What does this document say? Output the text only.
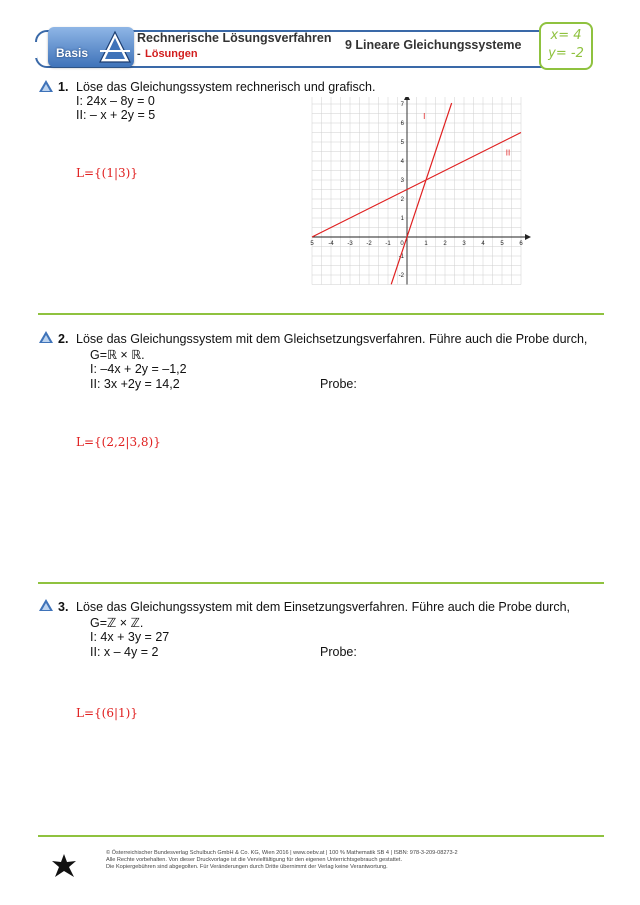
Basis
Rechnerische Lösungsverfahren
- Lösungen
9 Lineare Gleichungssysteme
x= 4
y= -2
1. Löse das Gleichungssystem rechnerisch und grafisch.
I: 24x – 8y = 0
II: – x + 2y = 5
L={(1|3)}
5 -4 -3 -2 -1 0	1	2	3	4	5	6
7
6
5
4
3
2
1
-1
-2
I
II
2. Löse das Gleichungssystem mit dem Gleichsetzungsverfahren. Führe auch die Probe durch,
G=ℝ × ℝ.
I: –4x + 2y = –1,2
II: 3x +2y = 14,2	Probe:
L={(2,2|3,8)}
3. Löse das Gleichungssystem mit dem Einsetzungsverfahren. Führe auch die Probe durch,
G=ℤ × ℤ.
I: 4x + 3y = 27
II: x – 4y = 2	Probe:
L={(6|1)}
© Österreichischer Bundesverlag Schulbuch GmbH & Co. KG, Wien 2016 | www.oebv.at | 100 % Mathematik SB 4 | ISBN: 978-3-209-08273-2
Alle Rechte vorbehalten. Von dieser Druckvorlage ist die Vervielfältigung für den eigenen Unterrichtsgebrauch gestattet.
Die Kopiergebühren sind abgegolten. Für Veränderungen durch Dritte übernimmt der Verlag keine Verantwortung.
